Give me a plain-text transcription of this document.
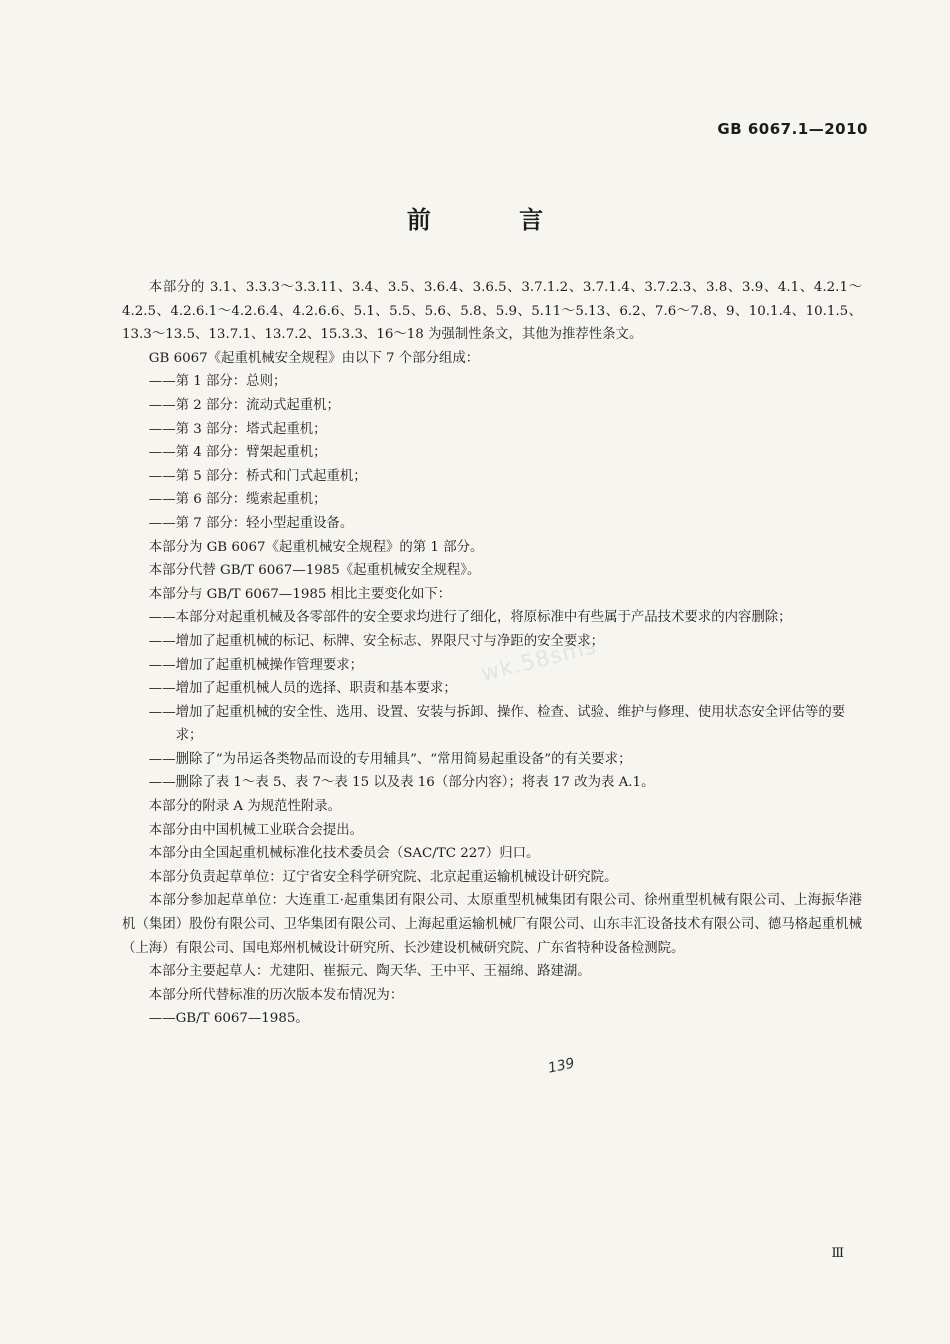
GB 6067.1—2010
前 言
wk.58sms

本部分的 3.1、3.3.3～3.3.11、3.4、3.5、3.6.4、3.6.5、3.7.1.2、3.7.1.4、3.7.2.3、3.8、3.9、4.1、4.2.1～4.2.5、4.2.6.1～4.2.6.4、4.2.6.6、5.1、5.5、5.6、5.8、5.9、5.11～5.13、6.2、7.6～7.8、9、10.1.4、10.1.5、13.3～13.5、13.7.1、13.7.2、15.3.3、16～18 为强制性条文，其他为推荐性条文。

GB 6067《起重机械安全规程》由以下 7 个部分组成：

—— 第 1 部分：总则；
—— 第 2 部分：流动式起重机；
—— 第 3 部分：塔式起重机；
—— 第 4 部分：臂架起重机；
—— 第 5 部分：桥式和门式起重机；
—— 第 6 部分：缆索起重机；
—— 第 7 部分：轻小型起重设备。

本部分为 GB 6067《起重机械安全规程》的第 1 部分。

本部分代替 GB/T 6067—1985《起重机械安全规程》。

本部分与 GB/T 6067—1985 相比主要变化如下：

—— 本部分对起重机械及各零部件的安全要求均进行了细化，将原标准中有些属于产品技术要求的内容删除；
—— 增加了起重机械的标记、标牌、安全标志、界限尺寸与净距的安全要求；
—— 增加了起重机械操作管理要求；
—— 增加了起重机械人员的选择、职责和基本要求；
—— 增加了起重机械的安全性、选用、设置、安装与拆卸、操作、检查、试验、维护与修理、使用状态安全评估等的要求；
—— 删除了“为吊运各类物品而设的专用辅具”、“常用简易起重设备”的有关要求；
—— 删除了表 1～表 5、表 7～表 15 以及表 16（部分内容）；将表 17 改为表 A.1。

本部分的附录 A 为规范性附录。

本部分由中国机械工业联合会提出。

本部分由全国起重机械标准化技术委员会（SAC/TC 227）归口。

本部分负责起草单位：辽宁省安全科学研究院、北京起重运输机械设计研究院。

本部分参加起草单位：大连重工·起重集团有限公司、太原重型机械集团有限公司、徐州重型机械有限公司、上海振华港机（集团）股份有限公司、卫华集团有限公司、上海起重运输机械厂有限公司、山东丰汇设备技术有限公司、德马格起重机械（上海）有限公司、国电郑州机械设计研究所、长沙建设机械研究院、广东省特种设备检测院。

本部分主要起草人：尤建阳、崔振元、陶天华、王中平、王福绵、路建湖。

本部分所代替标准的历次版本发布情况为：

—— GB/T 6067—1985。
139
Ⅲ
